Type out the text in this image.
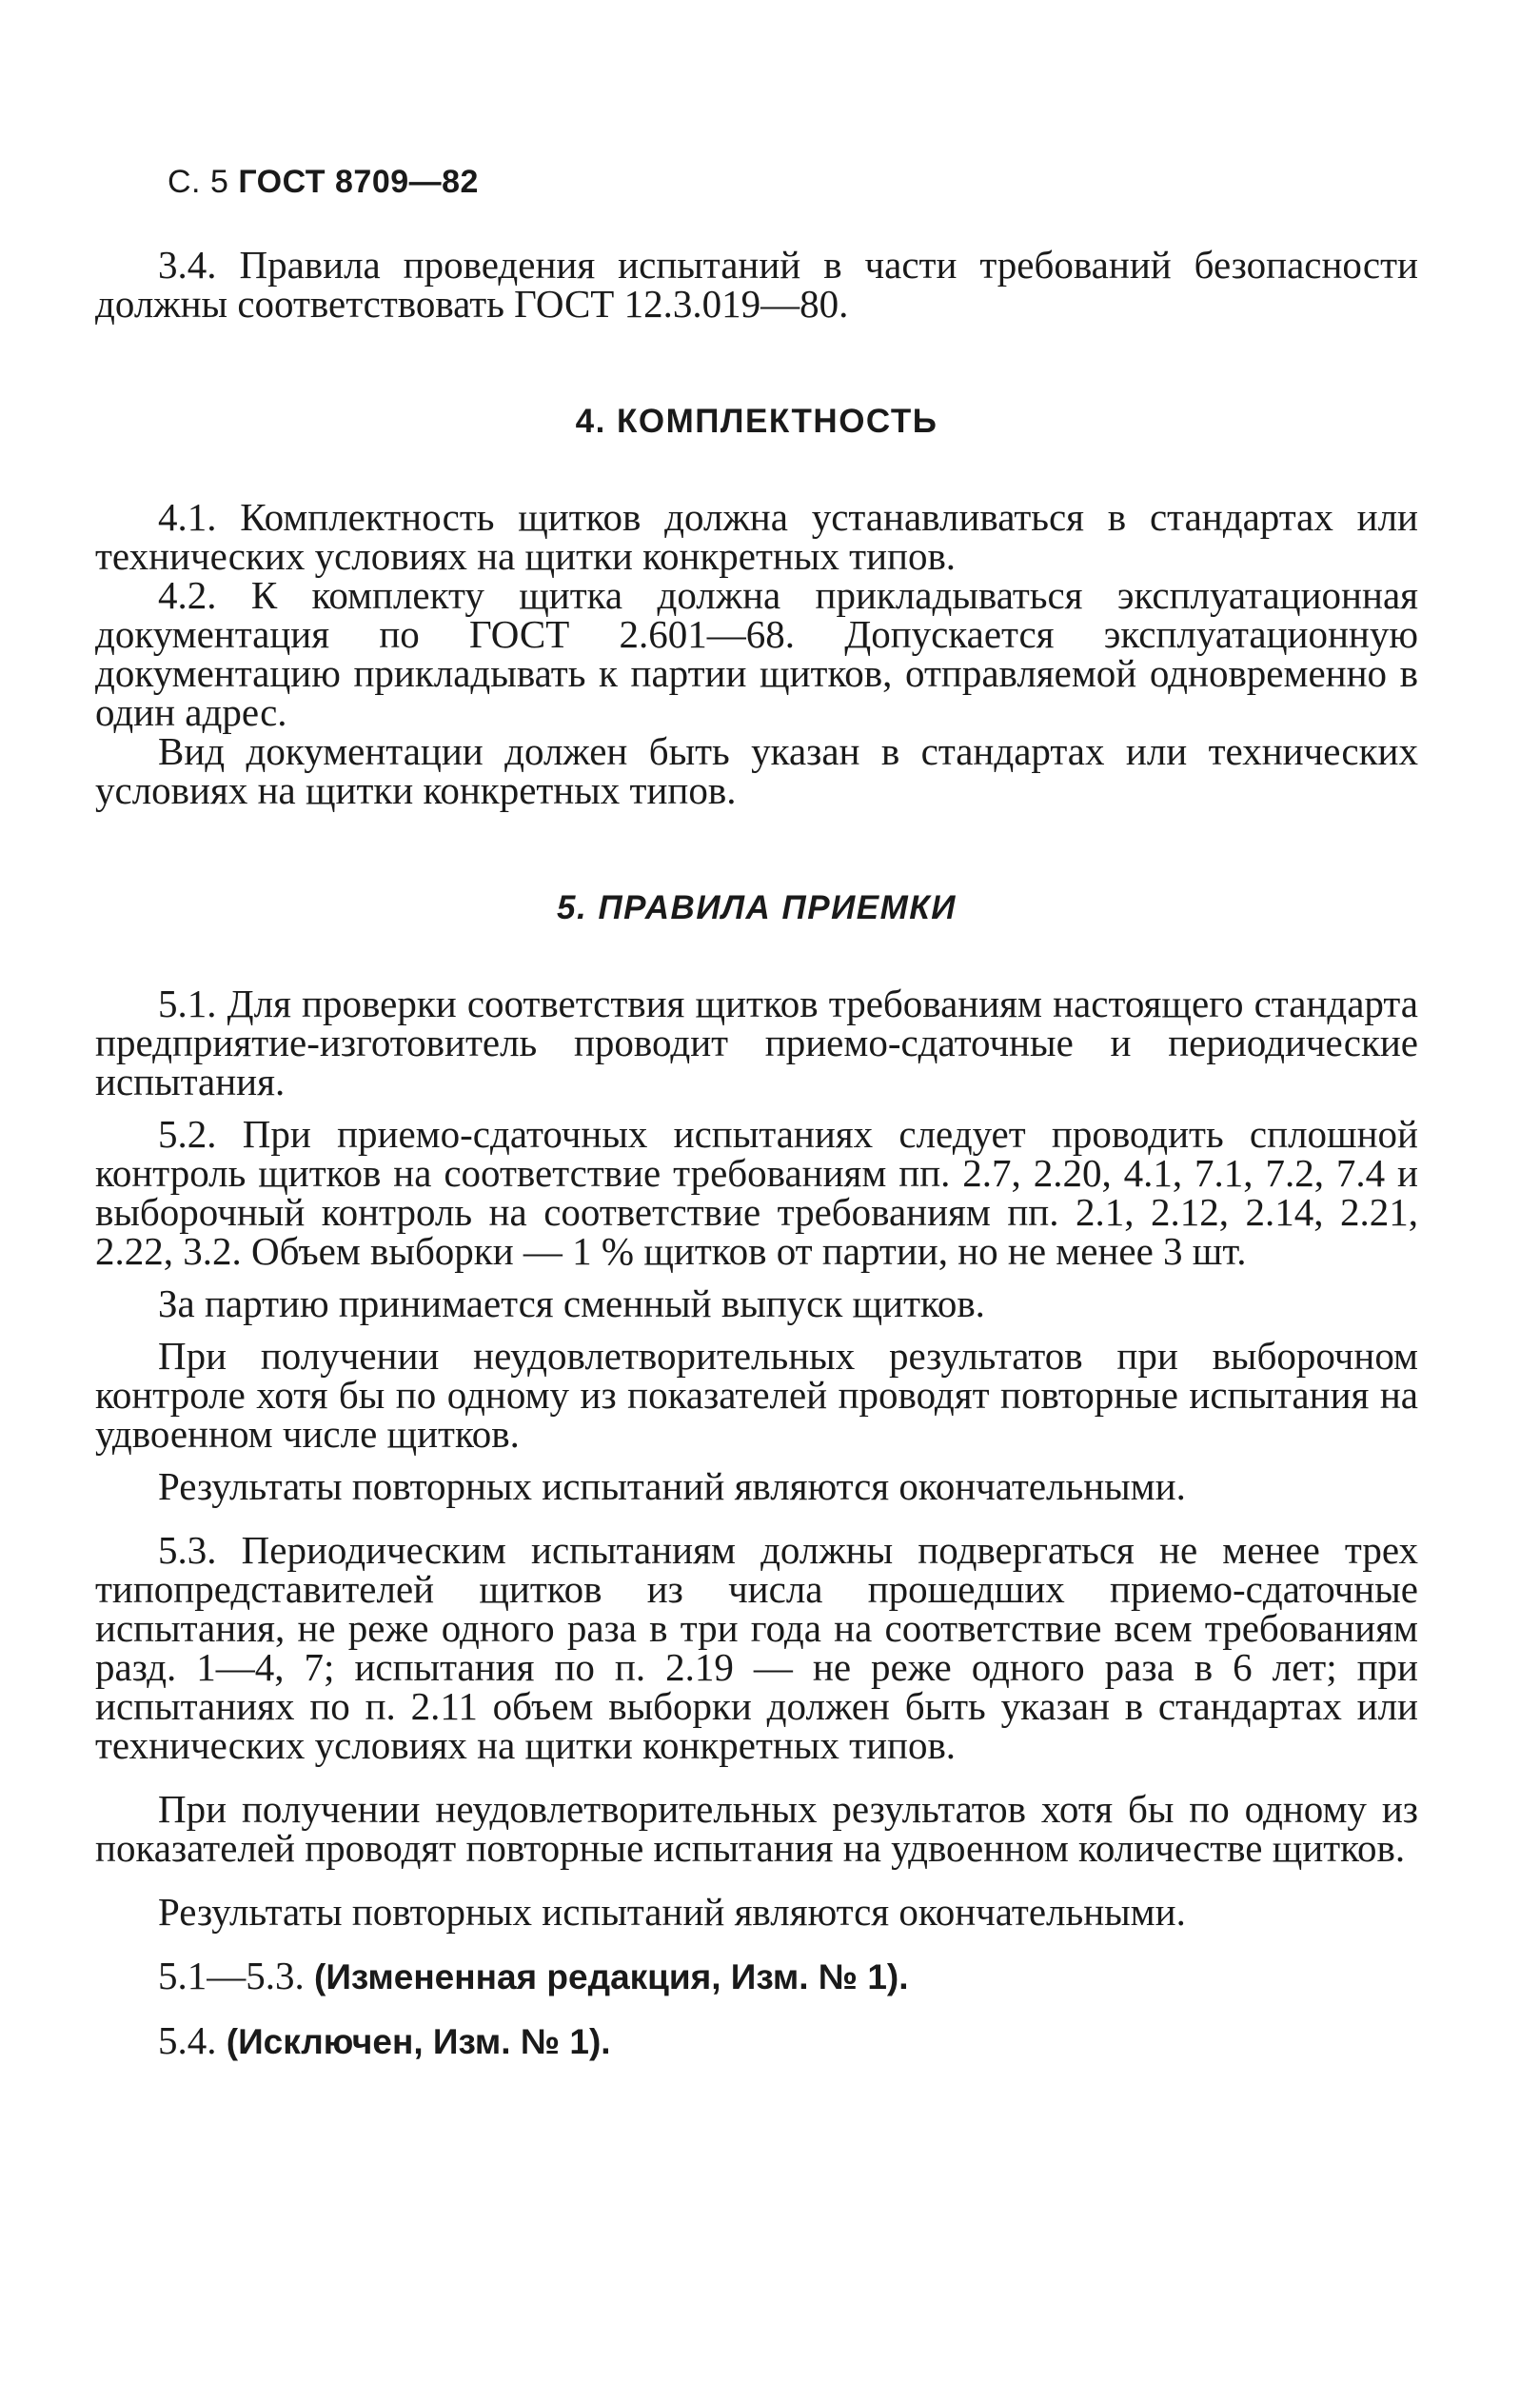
С. 5 ГОСТ 8709—82

3.4. Правила проведения испытаний в части требований безопасности должны соответствовать ГОСТ 12.3.019—80.

4. КОМПЛЕКТНОСТЬ

4.1. Комплектность щитков должна устанавливаться в стандартах или технических условиях на щитки конкретных типов.

4.2. К комплекту щитка должна прикладываться эксплуатационная документация по ГОСТ 2.601—68. Допускается эксплуатационную документацию прикладывать к партии щитков, отправляемой одновременно в один адрес.

Вид документации должен быть указан в стандартах или технических условиях на щитки конкретных типов.

5. ПРАВИЛА ПРИЕМКИ

5.1. Для проверки соответствия щитков требованиям настоящего стандарта предприятие-изготовитель проводит приемо-сдаточные и периодические испытания.

5.2. При приемо-сдаточных испытаниях следует проводить сплошной контроль щитков на соответствие требованиям пп. 2.7, 2.20, 4.1, 7.1, 7.2, 7.4 и выборочный контроль на соответствие требованиям пп. 2.1, 2.12, 2.14, 2.21, 2.22, 3.2. Объем выборки — 1 % щитков от партии, но не менее 3 шт.

За партию принимается сменный выпуск щитков.

При получении неудовлетворительных результатов при выборочном контроле хотя бы по одному из показателей проводят повторные испытания на удвоенном числе щитков.

Результаты повторных испытаний являются окончательными.

5.3. Периодическим испытаниям должны подвергаться не менее трех типопредставителей щитков из числа прошедших приемо-сдаточные испытания, не реже одного раза в три года на соответствие всем требованиям разд. 1—4, 7; испытания по п. 2.19 — не реже одного раза в 6 лет; при испытаниях по п. 2.11 объем выборки должен быть указан в стандартах или технических условиях на щитки конкретных типов.

При получении неудовлетворительных результатов хотя бы по одному из показателей проводят повторные испытания на удвоенном количестве щитков.

Результаты повторных испытаний являются окончательными.

5.1—5.3. (Измененная редакция, Изм. № 1).

5.4. (Исключен, Изм. № 1).
